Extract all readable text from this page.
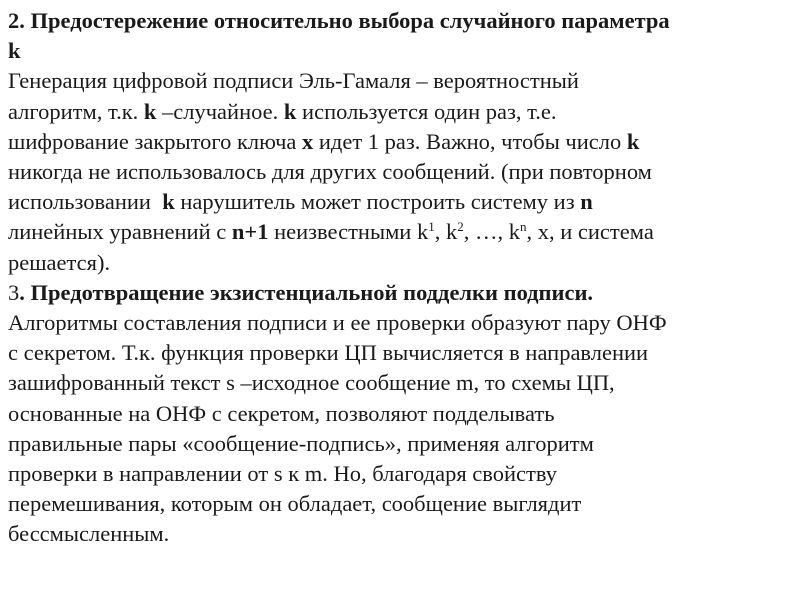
2. Предостережение относительно выбора случайного параметра
k
Генерация цифровой подписи Эль-Гамаля – вероятностный
алгоритм, т.к. k –случайное. k используется один раз, т.е.
шифрование закрытого ключа x идет 1 раз. Важно, чтобы число k
никогда не использовалось для других сообщений. (при повторном
использовании  k нарушитель может построить систему из n
линейных уравнений с n+1 неизвестными $k^1$, $k^2$, …, $k^n$, x, и система
решается).
3. Предотвращение экзистенциальной подделки подписи.
Алгоритмы составления подписи и ее проверки образуют пару ОНФ
с секретом. Т.к. функция проверки ЦП вычисляется в направлении
зашифрованный текст s –исходное сообщение m, то схемы ЦП,
основанные на ОНФ с секретом, позволяют подделывать
правильные пары «сообщение-подпись», применяя алгоритм
проверки в направлении от s к m. Но, благодаря свойству
перемешивания, которым он обладает, сообщение выглядит
бессмысленным.
